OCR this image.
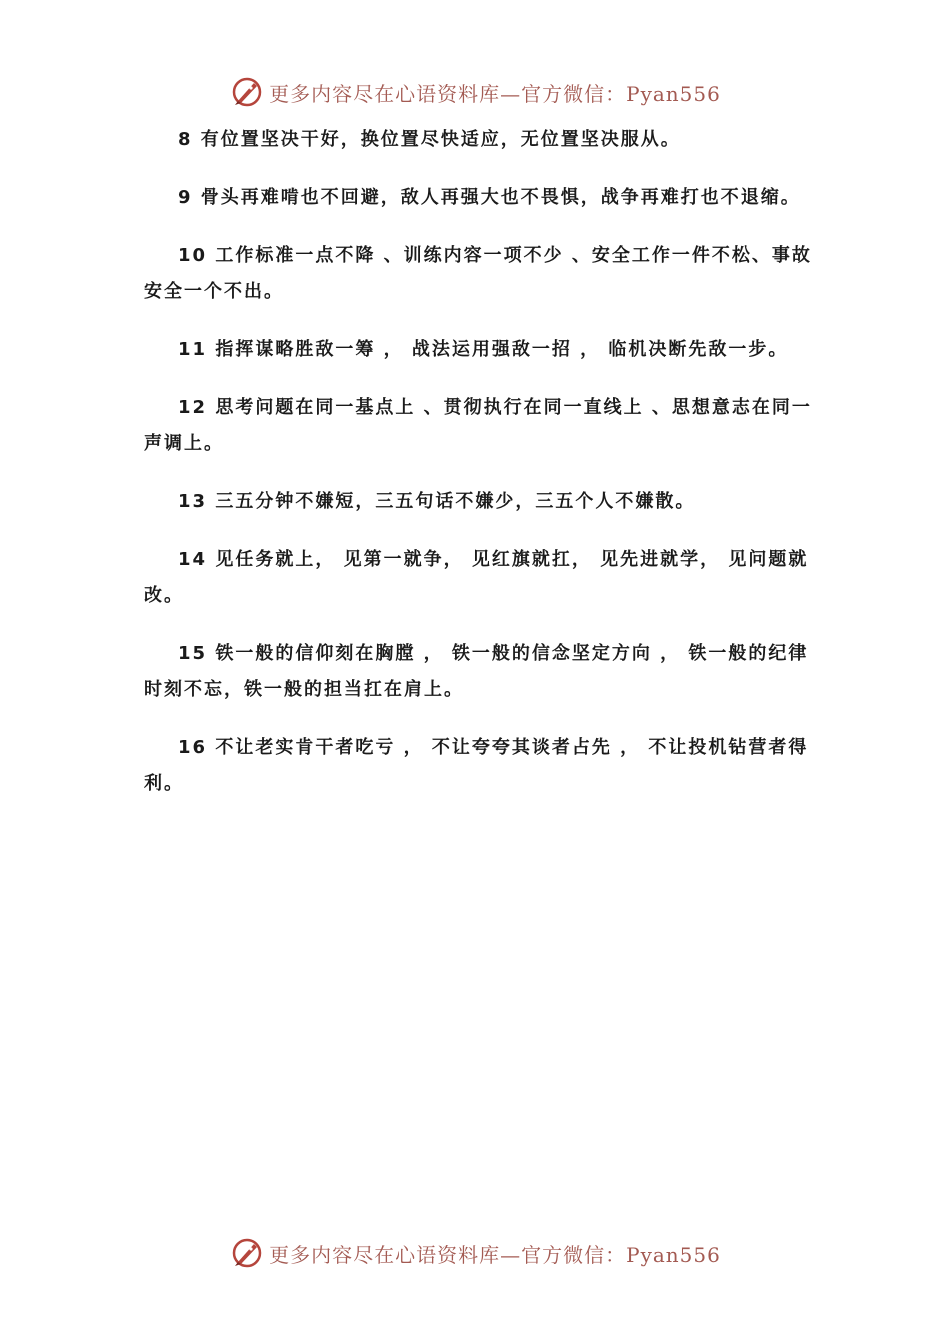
更多内容尽在心语资料库—官方微信：Pyan556

8 有位置坚决干好，换位置尽快适应，无位置坚决服从。

9 骨头再难啃也不回避，敌人再强大也不畏惧，战争再难打也不退缩。

10 工作标准一点不降 、训练内容一项不少 、安全工作一件不松、事故安全一个不出。

11 指挥谋略胜敌一筹 ， 战法运用强敌一招 ， 临机决断先敌一步。

12 思考问题在同一基点上 、贯彻执行在同一直线上 、思想意志在同一声调上。

13 三五分钟不嫌短，三五句话不嫌少，三五个人不嫌散。

14 见任务就上， 见第一就争， 见红旗就扛， 见先进就学， 见问题就改。

15 铁一般的信仰刻在胸膛 ， 铁一般的信念坚定方向 ， 铁一般的纪律时刻不忘，铁一般的担当扛在肩上。

16 不让老实肯干者吃亏 ， 不让夸夸其谈者占先 ， 不让投机钻营者得利。

更多内容尽在心语资料库—官方微信：Pyan556
